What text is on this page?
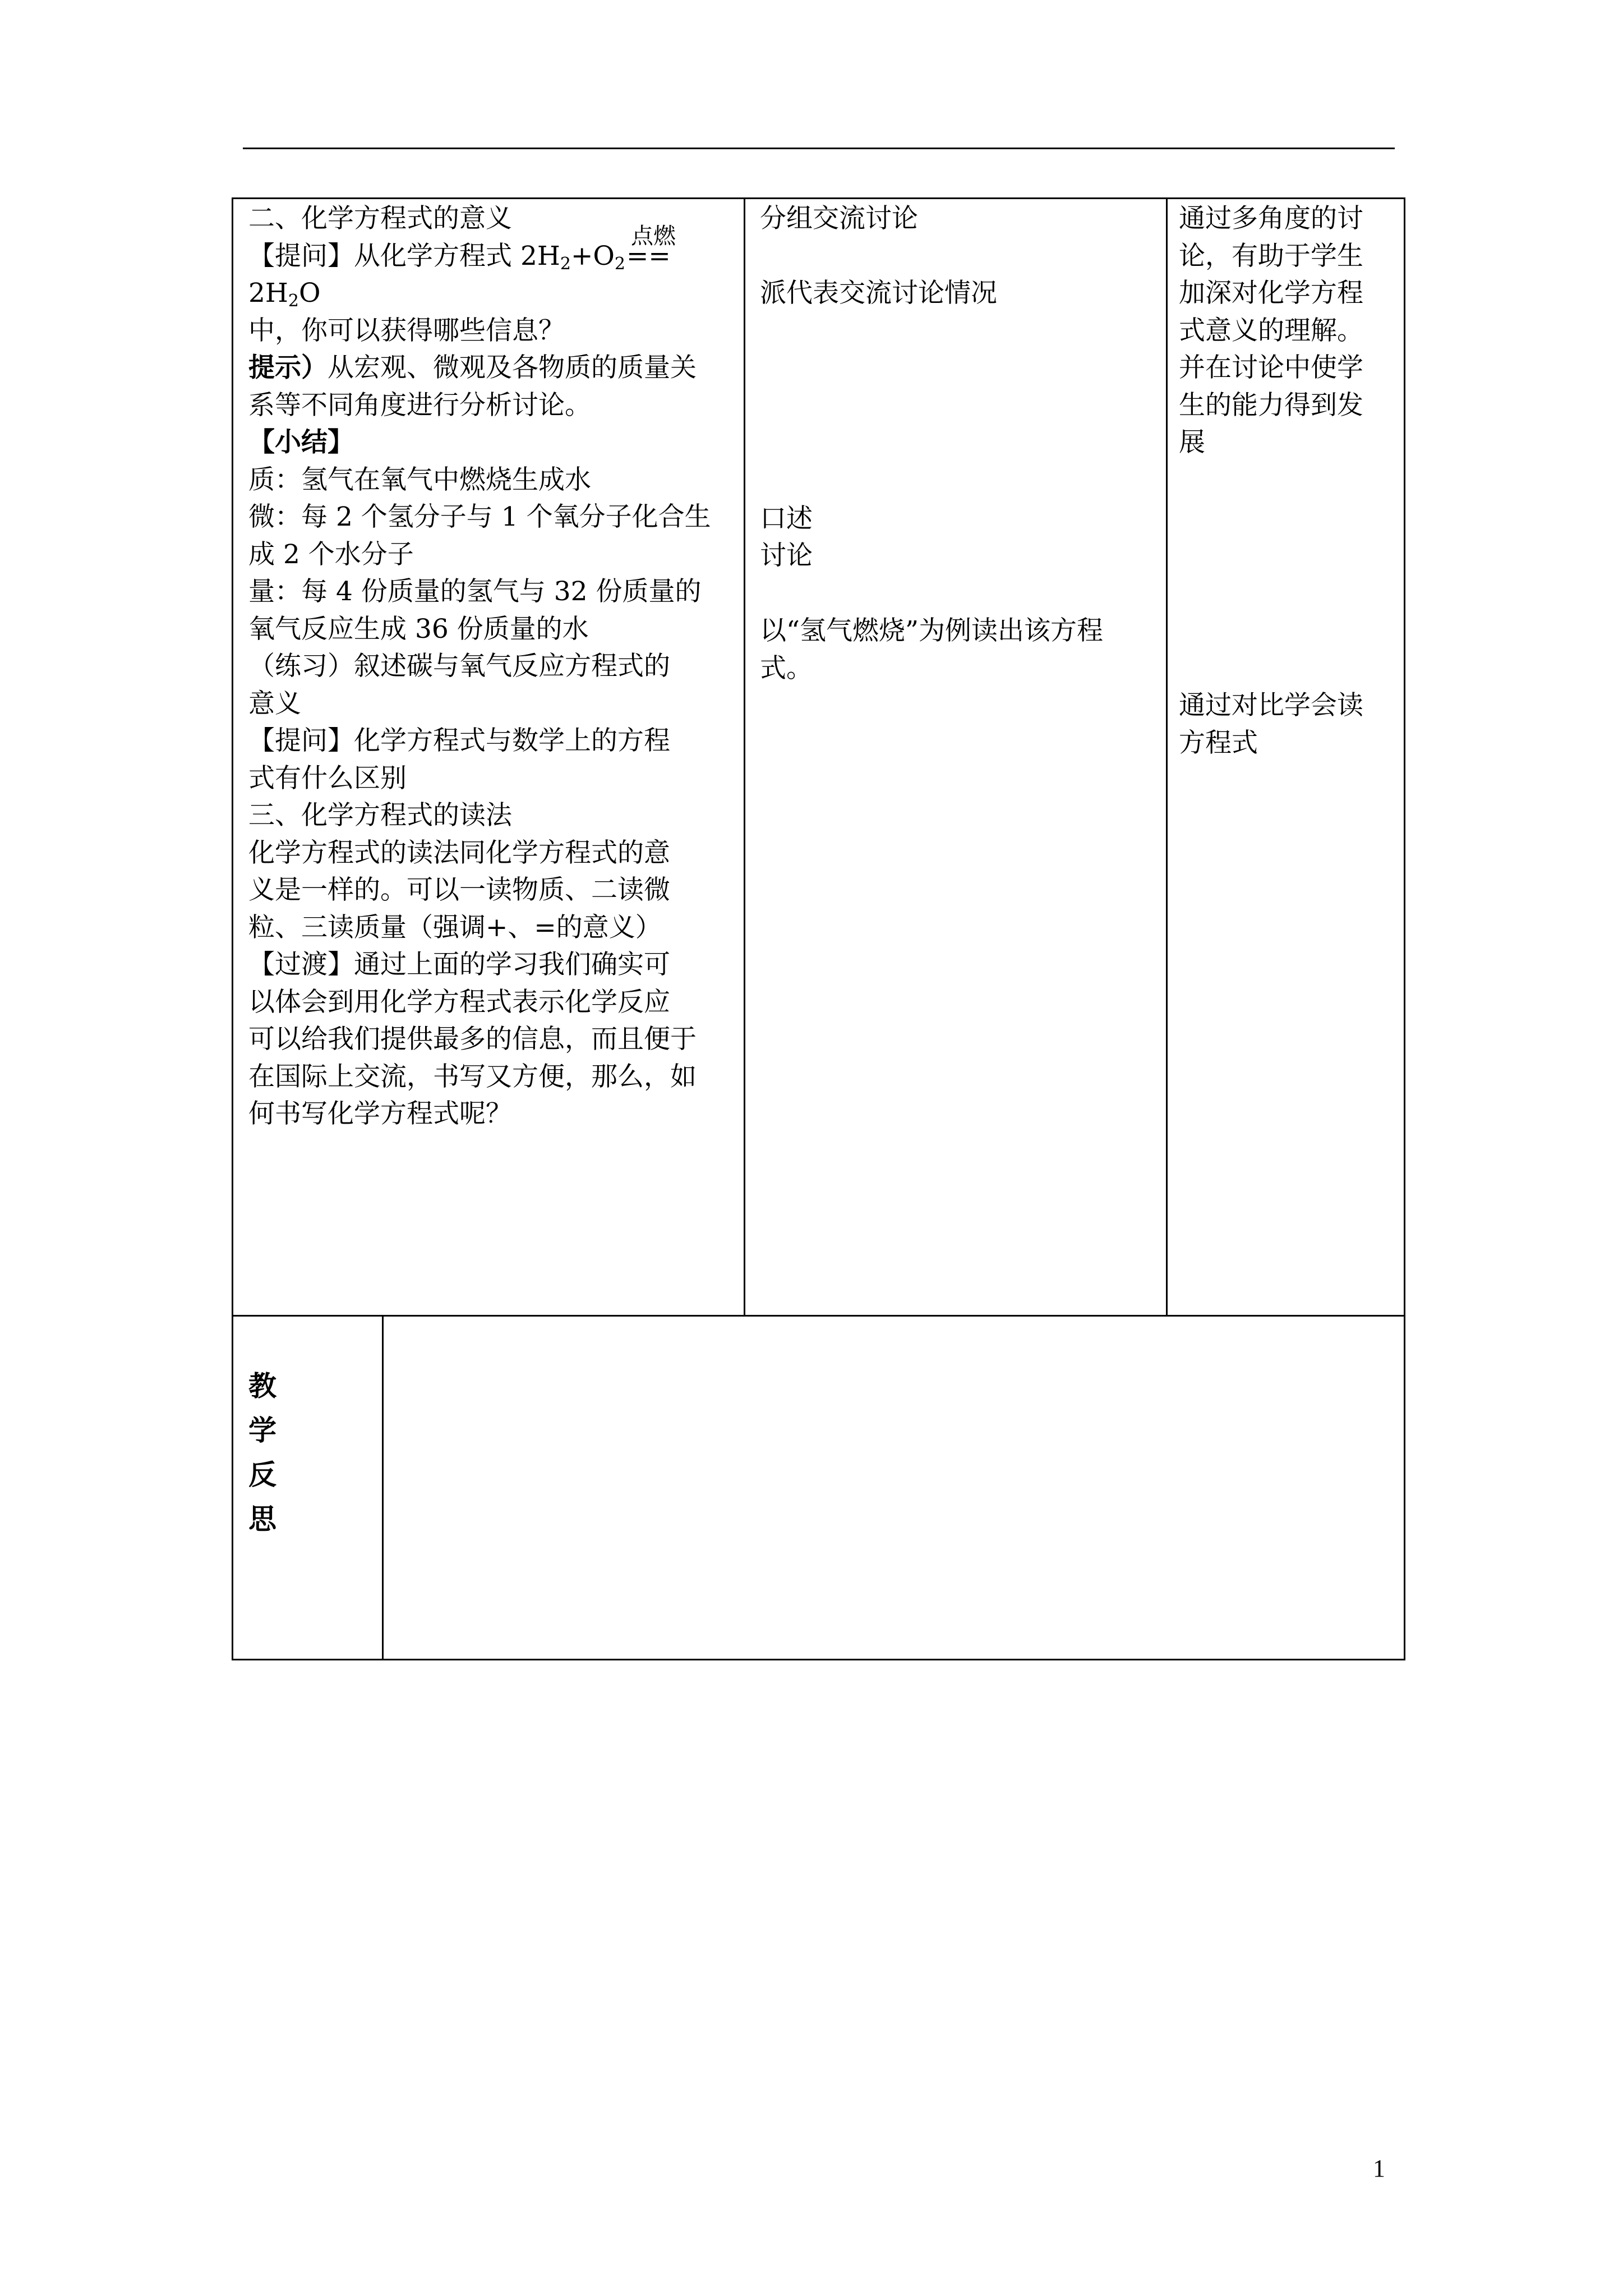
二、化学方程式的意义
【提问】从化学方程式 $2H_2+O_2$
点燃
==
$2H_2O$
中，你可以获得哪些信息？
提示）从宏观、微观及各物质的质量关
系等不同角度进行分析讨论。
【小结】
质：氢气在氧气中燃烧生成水
微：每 2 个氢分子与 1 个氧分子化合生
成 2 个水分子
量：每 4 份质量的氢气与 32 份质量的
氧气反应生成 36 份质量的水
（练习）叙述碳与氧气反应方程式的
意义
【提问】化学方程式与数学上的方程
式有什么区别
三、化学方程式的读法
化学方程式的读法同化学方程式的意
义是一样的。可以一读物质、二读微
粒、三读质量（强调+、=的意义）
【过渡】通过上面的学习我们确实可
以体会到用化学方程式表示化学反应
可以给我们提供最多的信息，而且便于
在国际上交流，书写又方便，那么，如
何书写化学方程式呢？
分组交流讨论
派代表交流讨论情况
口述
讨论
以“氢气燃烧”为例读出该方程
式。
通过多角度的讨
论，有助于学生
加深对化学方程
式意义的理解。
并在讨论中使学
生的能力得到发
展
通过对比学会读
方程式
教
学
反
思
1
